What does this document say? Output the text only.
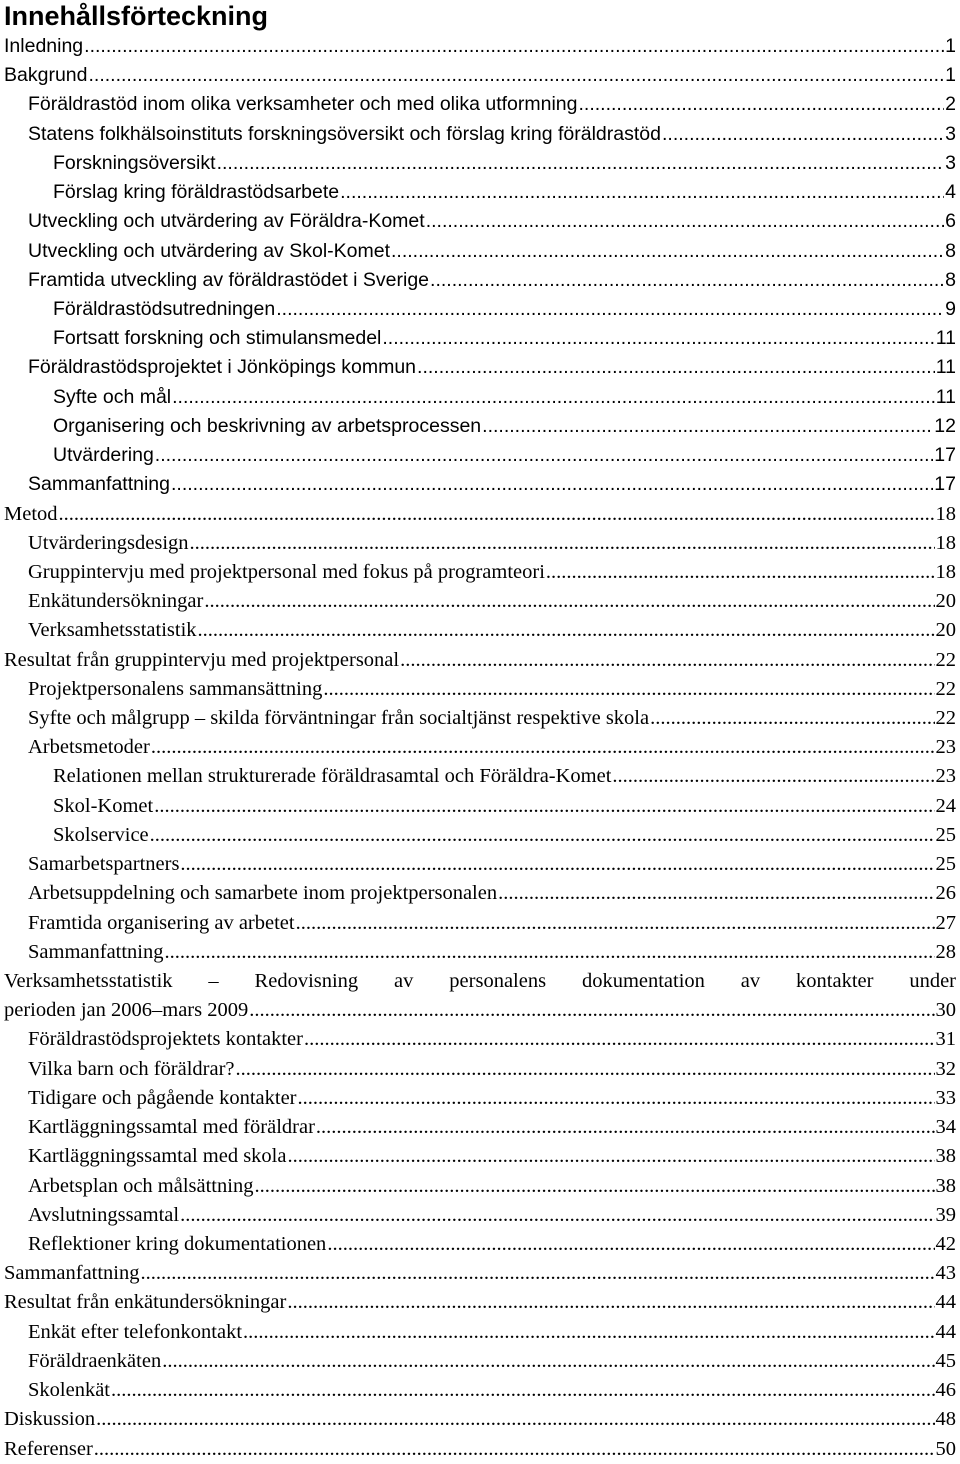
Innehållsförteckning
Inledning .....	1
Bakgrund .....	1
Föräldrastöd inom olika verksamheter och med olika utformning .....	2
Statens folkhälsoinstituts forskningsöversikt och förslag kring föräldrastöd .....	3
Forskningsöversikt .....	3
Förslag kring föräldrastödsarbete .....	4
Utveckling och utvärdering av Föräldra-Komet .....	6
Utveckling och utvärdering av Skol-Komet .....	8
Framtida utveckling av föräldrastödet i Sverige .....	8
Föräldrastödsutredningen .....	9
Fortsatt forskning och stimulansmedel .....	11
Föräldrastödsprojektet i Jönköpings kommun .....	11
Syfte och mål .....	11
Organisering och beskrivning av arbetsprocessen .....	12
Utvärdering .....	17
Sammanfattning .....	17
Metod .....	18
Utvärderingsdesign .....	18
Gruppintervju med projektpersonal med fokus på programteori .....	18
Enkätundersökningar .....	20
Verksamhetsstatistik .....	20
Resultat från gruppintervju med projektpersonal .....	22
Projektpersonalens sammansättning .....	22
Syfte och målgrupp – skilda förväntningar från socialtjänst respektive skola .....	22
Arbetsmetoder .....	23
Relationen mellan strukturerade föräldrasamtal och Föräldra-Komet .....	23
Skol-Komet .....	24
Skolservice .....	25
Samarbetspartners .....	25
Arbetsuppdelning och samarbete inom projektpersonalen .....	26
Framtida organisering av arbetet .....	27
Sammanfattning .....	28
Verksamhetsstatistik – Redovisning av personalens dokumentation av kontakter under
perioden jan 2006–mars 2009 .....	30
Föräldrastödsprojektets kontakter .....	31
Vilka barn och föräldrar? .....	32
Tidigare och pågående kontakter .....	33
Kartläggningssamtal med föräldrar .....	34
Kartläggningssamtal med skola .....	38
Arbetsplan och målsättning .....	38
Avslutningssamtal .....	39
Reflektioner kring dokumentationen .....	42
Sammanfattning .....	43
Resultat från enkätundersökningar .....	44
Enkät efter telefonkontakt .....	44
Föräldraenkäten .....	45
Skolenkät .....	46
Diskussion .....	48
Referenser .....	50
